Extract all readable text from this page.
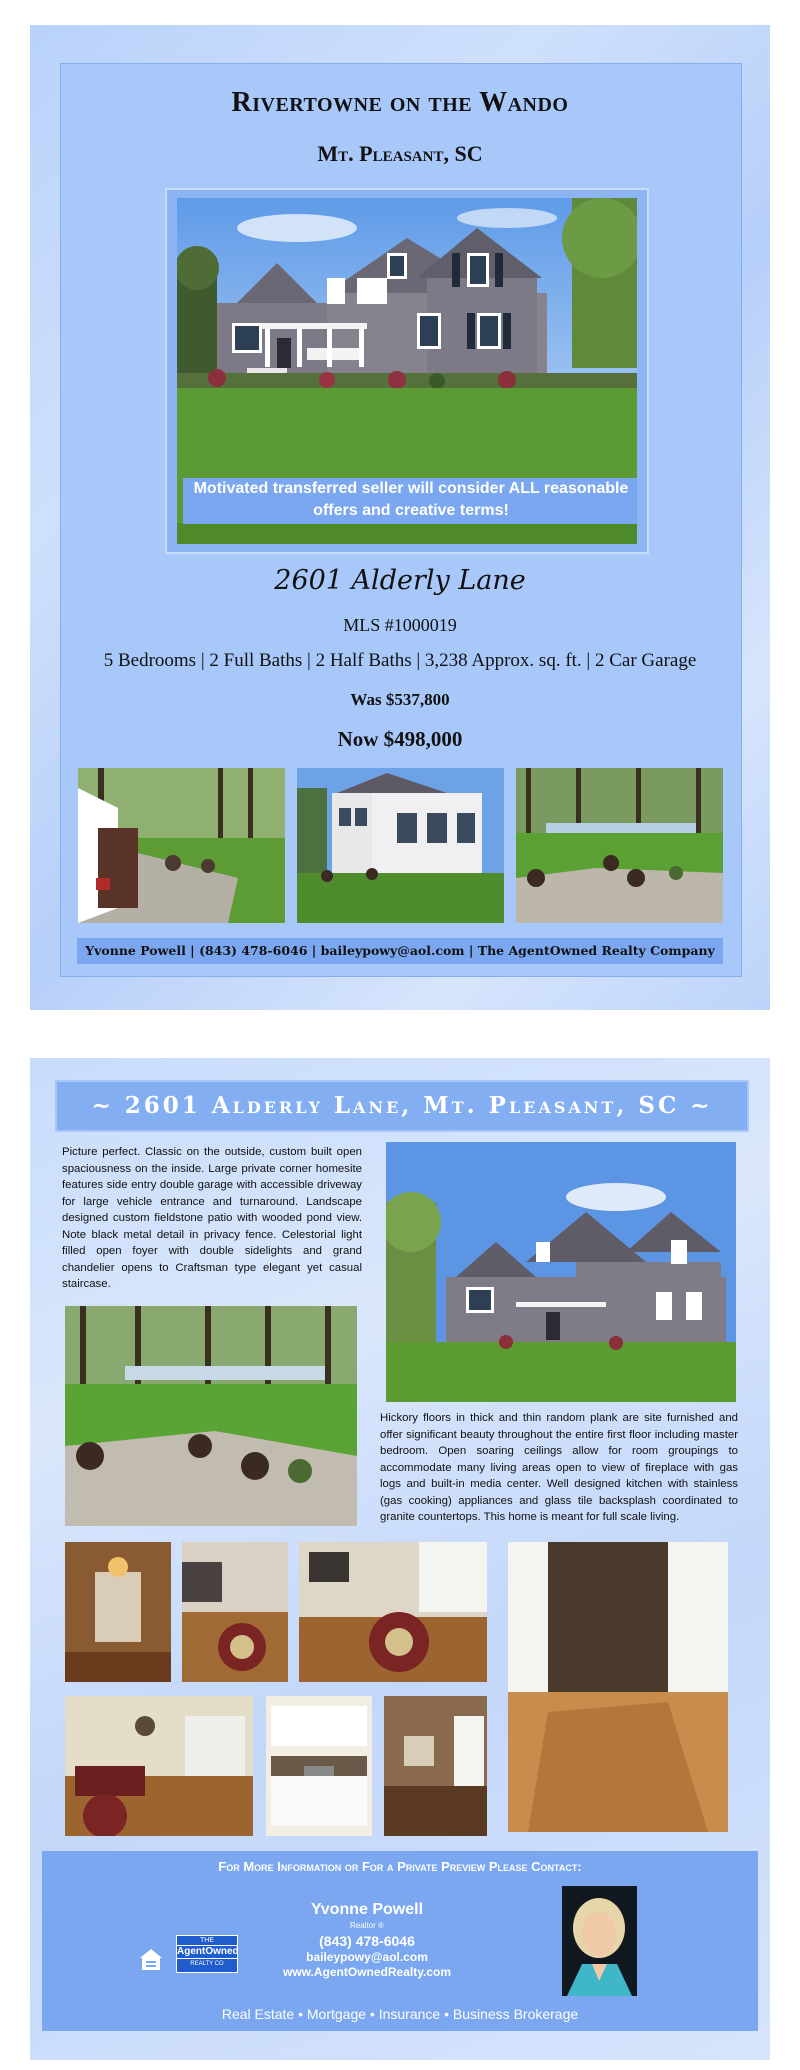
Rivertowne on the Wando
Mt. Pleasant, SC
Motivated transferred seller will consider ALL reasonable offers and creative terms!
2601 Alderly Lane
MLS #1000019
5 Bedrooms | 2 Full Baths | 2 Half Baths | 3,238 Approx. sq. ft. | 2 Car Garage
Was $537,800
Now $498,000
Yvonne Powell | (843) 478-6046 | baileypowy@aol.com | The AgentOwned Realty Company
~ 2601 Alderly Lane, Mt. Pleasant, SC ~
Picture perfect. Classic on the outside, custom built open spaciousness on the inside. Large private corner homesite features side entry double garage with accessible driveway for large vehicle entrance and turnaround. Landscape designed custom fieldstone patio with wooded pond view. Note black metal detail in privacy fence. Celestorial light filled open foyer with double sidelights and grand chandelier opens to Craftsman type elegant yet casual staircase.
Hickory floors in thick and thin random plank are site furnished and offer significant beauty throughout the entire first floor including master bedroom. Open soaring ceilings allow for room groupings to accommodate many living areas open to view of fireplace with gas logs and built-in media center. Well designed kitchen with stainless (gas cooking) appliances and glass tile backsplash coordinated to granite countertops. This home is meant for full scale living.
For More Information or For a Private Preview Please Contact:
THE
AgentOwned
REALTY CO
Yvonne Powell
Realtor ®
(843) 478-6046
baileypowy@aol.com
www.AgentOwnedRealty.com
Real Estate • Mortgage • Insurance • Business Brokerage
